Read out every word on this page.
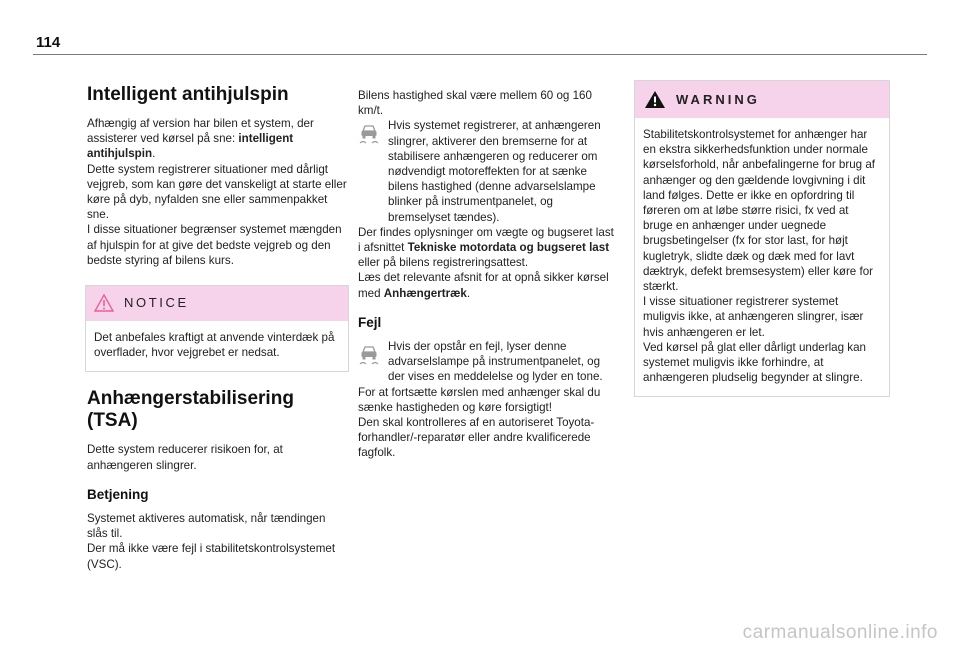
114
Intelligent antihjulspin

Afhængig af version har bilen et system, der assisterer ved kørsel på sne: intelligent antihjulspin.

Dette system registrerer situationer med dårligt vejgreb, som kan gøre det vanskeligt at starte eller køre på dyb, nyfalden sne eller sammenpakket sne.

I disse situationer begrænser systemet mængden af hjulspin for at give det bedste vejgreb og den bedste styring af bilens kurs.

NOTICE
Det anbefales kraftigt at anvende vinterdæk på overflader, hvor vejgrebet er nedsat.
Anhængerstabilisering (TSA)

Dette system reducerer risikoen for, at anhængeren slingrer.

Betjening

Systemet aktiveres automatisk, når tændingen slås til.

Der må ikke være fejl i stabilitetskontrolsystemet (VSC).

Bilens hastighed skal være mellem 60 og 160 km/t.

Hvis systemet registrerer, at anhængeren slingrer, aktiverer den bremserne for at stabilisere anhængeren og reducerer om nødvendigt motoreffekten for at sænke bilens hastighed (denne advarselslampe blinker på instrumentpanelet, og bremselyset tændes).

Der findes oplysninger om vægte og bugseret last i afsnittet Tekniske motordata og bugseret last eller på bilens registreringsattest.

Læs det relevante afsnit for at opnå sikker kørsel med Anhængertræk.

Fejl

Hvis der opstår en fejl, lyser denne advarselslampe på instrumentpanelet, og der vises en meddelelse og lyder en tone.

For at fortsætte kørslen med anhænger skal du sænke hastigheden og køre forsigtigt!

Den skal kontrolleres af en autoriseret Toyota-forhandler/-reparatør eller andre kvalificerede fagfolk.

WARNING

Stabilitetskontrolsystemet for anhænger har en ekstra sikkerhedsfunktion under normale kørselsforhold, når anbefalingerne for brug af anhænger og den gældende lovgivning i dit land følges. Dette er ikke en opfordring til føreren om at løbe større risici, fx ved at bruge en anhænger under uegnede brugsbetingelser (fx for stor last, for højt kugletryk, slidte dæk og dæk med for lavt dæktryk, defekt bremsesystem) eller køre for stærkt.

I visse situationer registrerer systemet muligvis ikke, at anhængeren slingrer, især hvis anhængeren er let.

Ved kørsel på glat eller dårligt underlag kan systemet muligvis ikke forhindre, at anhængeren pludselig begynder at slingre.

carmanualsonline.info
